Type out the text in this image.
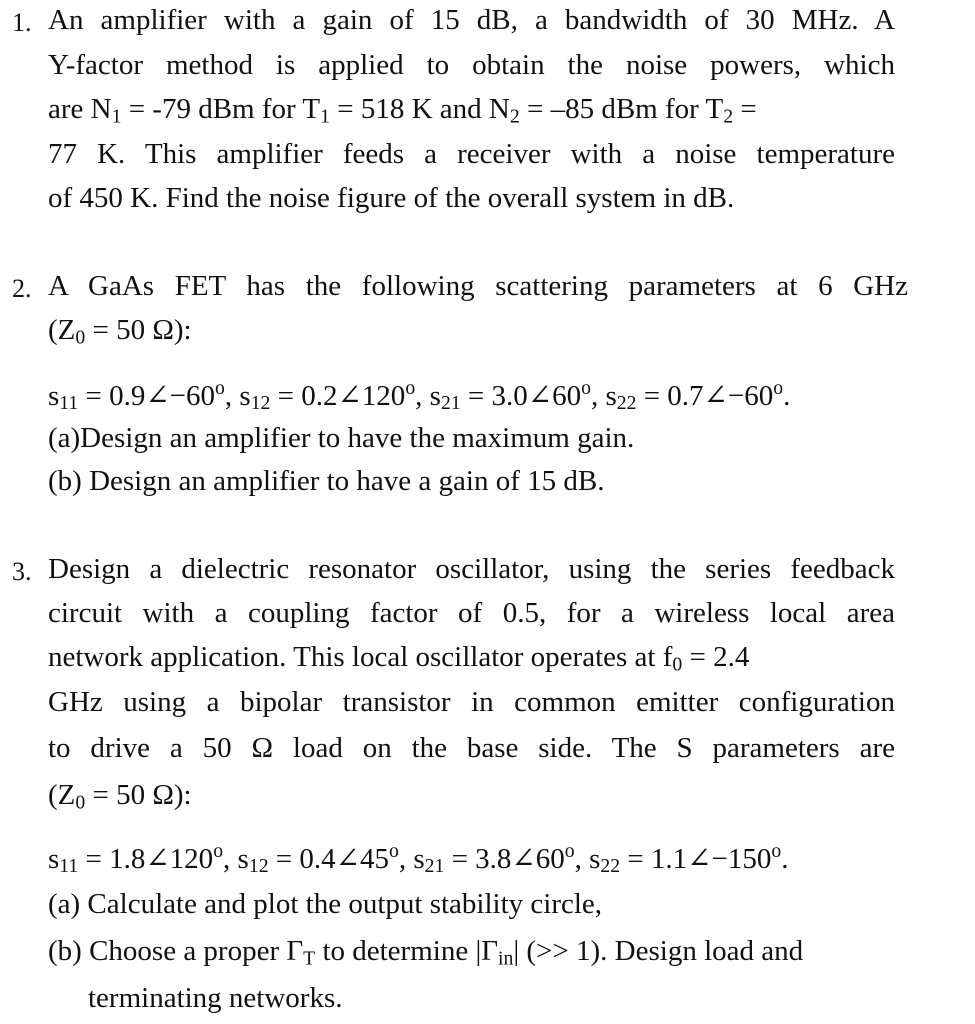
1. An amplifier with a gain of 15 dB, a bandwidth of 30 MHz. A
Y-factor method is applied to obtain the noise powers, which
are $N_1 = -79$ dBm for $T_1 = 518$ K and $N_2 = -85$ dBm for $T_2$ =
77 K. This amplifier feeds a receiver with a noise temperature
of 450 K. Find the noise figure of the overall system in dB.
2. A GaAs FET has the following scattering parameters at 6 GHz
($Z_0 = 50$ Ω):
$s_{11}$ = $0.9\angle-60^o$, $s_{12}$ = $0.2\angle 120^o$, $s_{21}$ = $3.0\angle 60^o$, $s_{22}$ = $0.7\angle-60^o$.
(a)Design an amplifier to have the maximum gain.
(b) Design an amplifier to have a gain of 15 dB.
3. Design a dielectric resonator oscillator, using the series feedback
circuit with a coupling factor of 0.5, for a wireless local area
network application. This local oscillator operates at $f_0 = 2.4$
GHz using a bipolar transistor in common emitter configuration
to drive a 50 Ω load on the base side. The S parameters are
($Z_0 = 50$ Ω):
$s_{11}$ = $1.8\angle 120^o$, $s_{12}$ = $0.4\angle 45^o$, $s_{21}$ = $3.8\angle 60^o$, $s_{22}$ = $1.1\angle-150^o$.
(a) Calculate and plot the output stability circle,
(b) Choose a proper $\Gamma_T$ to determine $|\Gamma_{in}|$ (>> 1). Design load and
terminating networks.
